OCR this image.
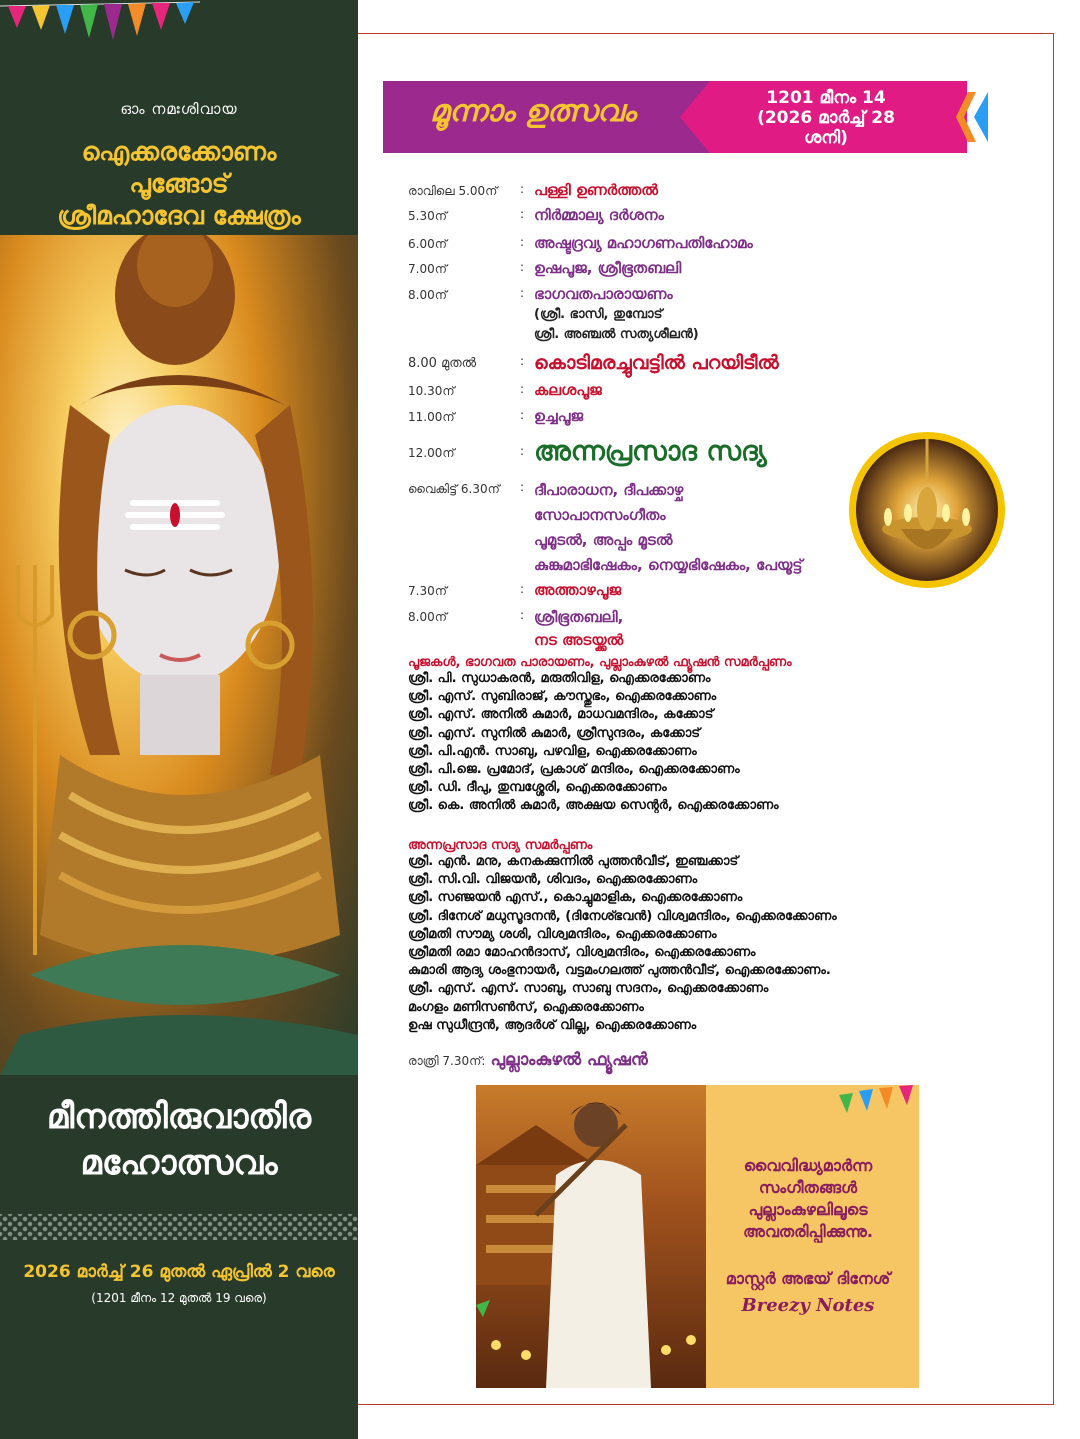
ഓം നമഃശിവായ
ഐക്കരക്കോണം
പൂങ്ങോട്
ശ്രീമഹാദേവ ക്ഷേത്രം
മീനത്തിരുവാതിര
മഹോത്സവം
2026 മാർച്ച് 26 മുതൽ ഏപ്രിൽ 2 വരെ
(1201 മീനം 12 മുതൽ 19 വരെ)
മൂന്നാം ഉത്സവം	1201 മീനം 14
(2026 മാർച്ച് 28
ശനി)
രാവിലെ 5.00ന്	: പള്ളി ഉണർത്തൽ
5.30ന്	: നിർമ്മാല്യ ദർശനം
6.00ന്	: അഷ്ടദ്രവ്യ മഹാഗണപതിഹോമം
7.00ന്	: ഉഷപൂജ, ശ്രീഭൂതബലി
8.00ന്	: ഭാഗവതപാരായണം
(ശ്രീ. ഭാസി, തുമ്പോട്
ശ്രീ. അഞ്ചൽ സത്യശീലൻ)
8.00 മുതൽ	: കൊടിമരച്ചുവട്ടിൽ പറയിടീൽ
10.30ന്	: കലശപൂജ
11.00ന്	: ഉച്ചപൂജ
12.00ന്	: അന്നപ്രസാദ സദ്യ
വൈകിട്ട് 6.30ന്	: ദീപാരാധന, ദീപക്കാഴ്ച
സോപാനസംഗീതം
പൂമൂടൽ, അപ്പം മൂടൽ
കുങ്കുമാഭിഷേകം, നെയ്യഭിഷേകം, പേയൂട്ട്
7.30ന്	: അത്താഴപൂജ
8.00ന്	: ശ്രീഭൂതബലി,
നട അടയ്ക്കൽ
പൂജകൾ, ഭാഗവത പാരായണം, പുല്ലാംകുഴൽ ഫ്യൂഷൻ സമർപ്പണം
ശ്രീ. പി. സുധാകരൻ, മരുതിവിള, ഐക്കരക്കോണം
ശ്രീ. എസ്. സുബിരാജ്, കൗസ്തുഭം, ഐക്കരക്കോണം
ശ്രീ. എസ്. അനിൽ കുമാർ, മാധവമന്ദിരം, കക്കോട്
ശ്രീ. എസ്. സുനിൽ കുമാർ, ശ്രീസുന്ദരം, കക്കോട്
ശ്രീ. പി.എൻ. സാബു, പഴവിള, ഐക്കരക്കോണം
ശ്രീ. പി.ജെ. പ്രമോദ്, പ്രകാശ് മന്ദിരം, ഐക്കരക്കോണം
ശ്രീ. ഡി. ദീപു, തുമ്പശ്ശേരി, ഐക്കരക്കോണം
ശ്രീ. കെ. അനിൽ കുമാർ, അക്ഷയ സെന്റർ, ഐക്കരക്കോണം
അന്നപ്രസാദ സദ്യ സമർപ്പണം
ശ്രീ. എൻ. മനു, കനകക്കുന്നിൽ പുത്തൻവീട്, ഇഞ്ചക്കാട്
ശ്രീ. സി.വി. വിജയൻ, ശിവദം, ഐക്കരക്കോണം
ശ്രീ. സഞ്ജയൻ എസ്., കൊച്ചുമാളിക, ഐക്കരക്കോണം
ശ്രീ. ദിനേശ് മധുസൂദനൻ, (ദിനേശ്ഭവൻ) വിശ്വമന്ദിരം, ഐക്കരക്കോണം
ശ്രീമതി സൗമ്യ ശശി, വിശ്വമന്ദിരം, ഐക്കരക്കോണം
ശ്രീമതി രമാ മോഹൻദാസ്, വിശ്വമന്ദിരം, ഐക്കരക്കോണം
കുമാരി ആദ്യ ശംഭുനായർ, വട്ടമംഗലത്ത് പുത്തൻവീട്, ഐക്കരക്കോണം.
ശ്രീ. എസ്. എസ്. സാബു, സാബു സദനം, ഐക്കരക്കോണം
മംഗളം മണിസൺസ്, ഐക്കരക്കോണം
ഉഷ സുധീന്ദ്രൻ, ആദർശ് വില്ല, ഐക്കരക്കോണം
രാത്രി 7.30ന്: പുല്ലാംകുഴൽ ഫ്യൂഷൻ
വൈവിദ്ധ്യമാർന്ന
സംഗീതങ്ങൾ
പുല്ലാംകുഴലിലൂടെ
അവതരിപ്പിക്കുന്നു.
മാസ്റ്റർ അഭയ് ദിനേശ്
Breezy Notes
